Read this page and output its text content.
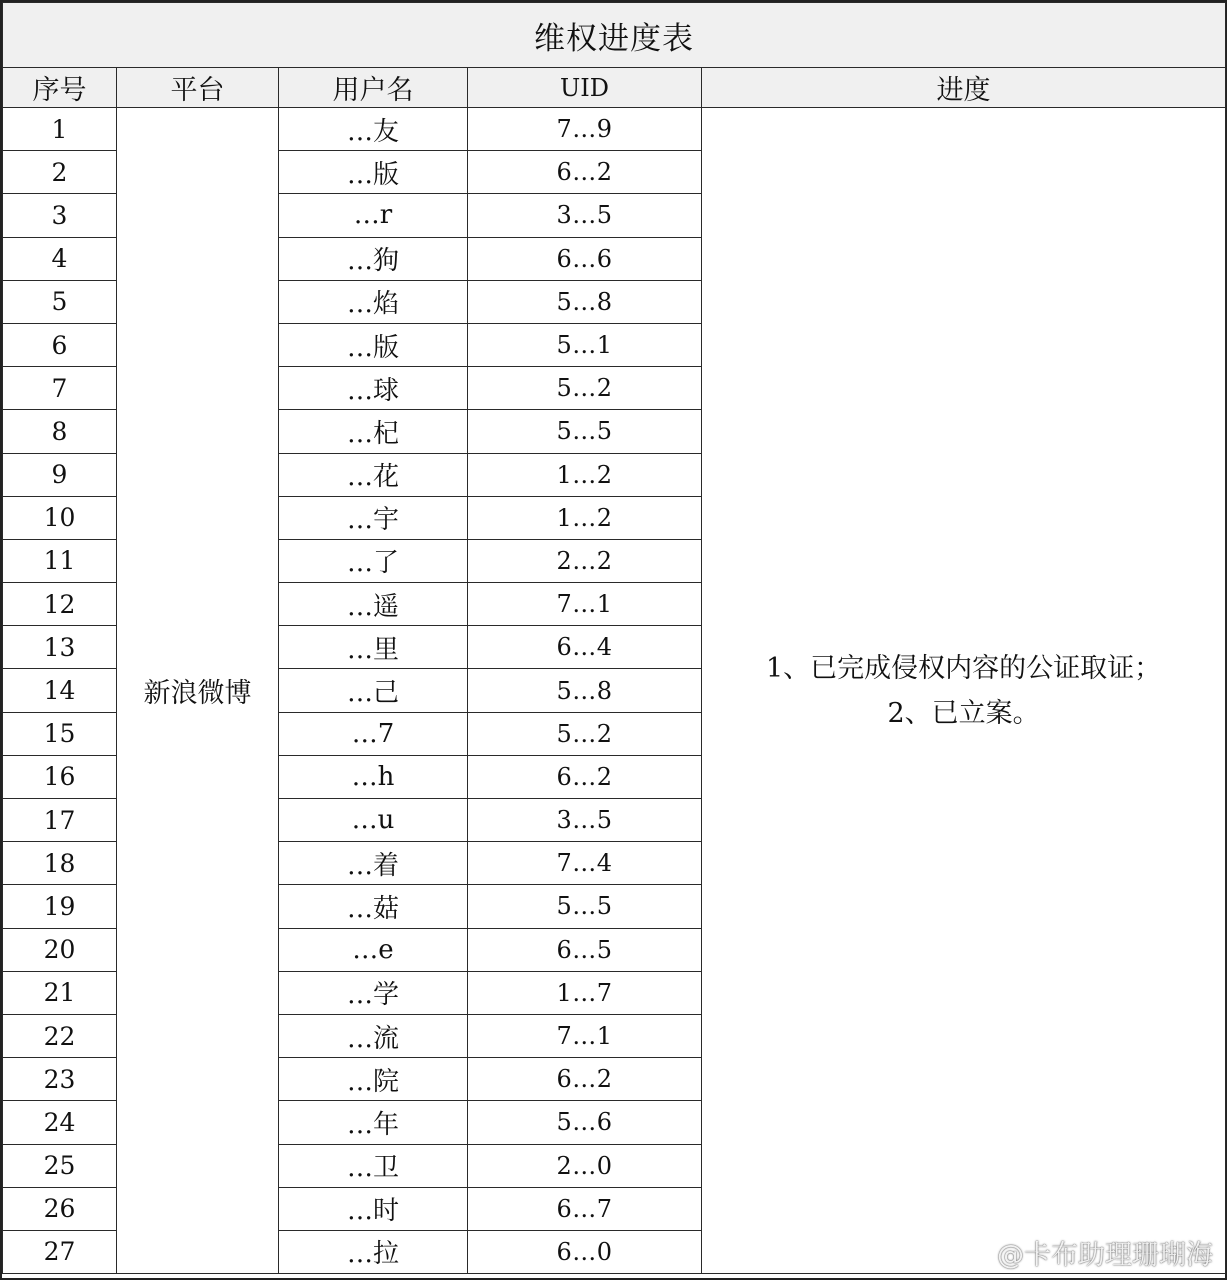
维权进度表				
序号	平台	用户名	UID	进度
1	新浪微博	…友	7…9	1、已完成侵权内容的公证取证；
2、已立案。

2		…版	6…2	
3		…r	3…5	
4		…狗	6…6	
5		…焰	5…8	
6		…版	5…1	
7		…球	5…2	
8		…杞	5…5	
9		…花	1…2	
10		…宇	1…2	
11		…了	2…2	
12		…遥	7…1	
13		…里	6…4	
14		…己	5…8	
15		…7	5…2	
16		…h	6…2	
17		…u	3…5	
18		…着	7…4	
19		…菇	5…5	
20		…e	6…5	
21		…学	1…7	
22		…流	7…1	
23		…院	6…2	
24		…年	5…6	
25		…卫	2…0	
26		…时	6…7	
27		…拉	6…0		@卡布助理珊瑚海
